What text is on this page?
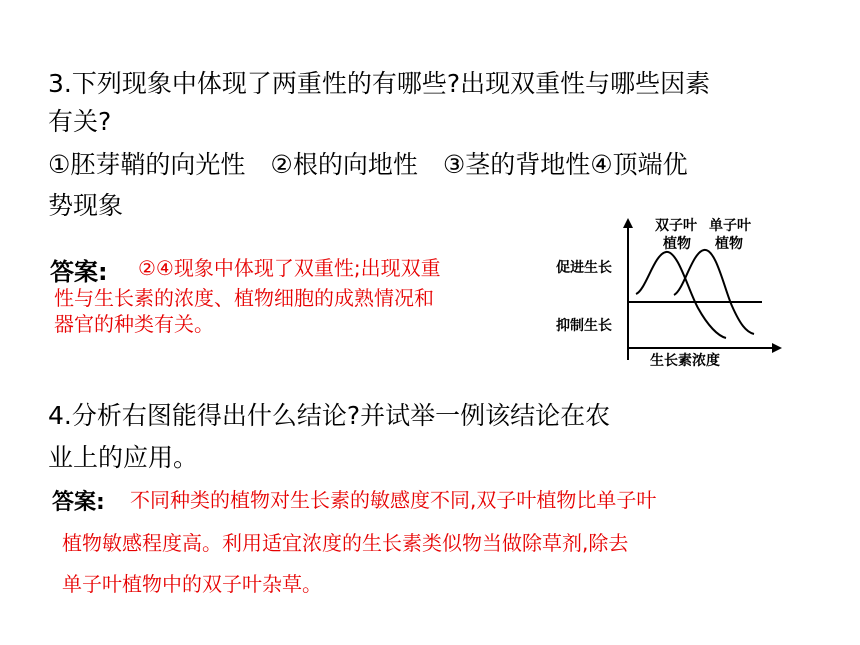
3.下列现象中体现了两重性的有哪些?出现双重性与哪些因素
有关?
①胚芽鞘的向光性　②根的向地性　③茎的背地性④顶端优
势现象
答案: ②④现象中体现了双重性;出现双重
性与生长素的浓度、植物细胞的成熟情况和
器官的种类有关。
双子叶
植物
单子叶
植物
促进生长
抑制生长
生长素浓度
4.分析右图能得出什么结论?并试举一例该结论在农
业上的应用。
答案: 不同种类的植物对生长素的敏感度不同,双子叶植物比单子叶
植物敏感程度高。利用适宜浓度的生长素类似物当做除草剂,除去
单子叶植物中的双子叶杂草。
